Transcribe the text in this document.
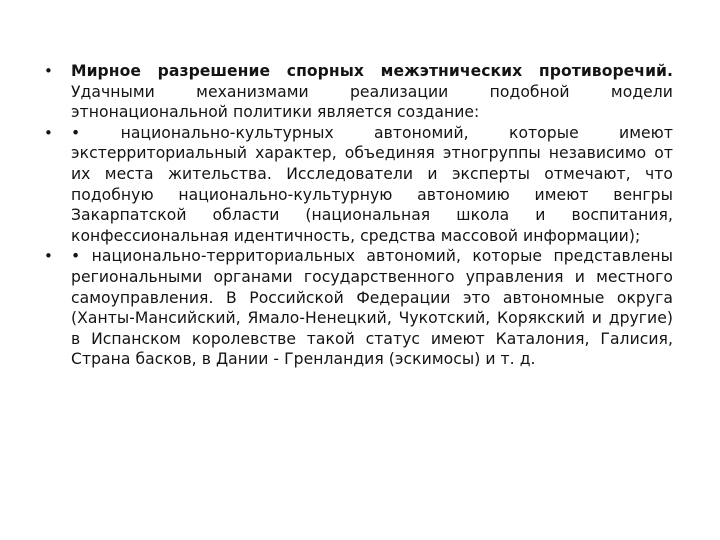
•	Мирное разрешение спорных межэтнических противоречий. Удачными механизмами реализации подобной модели этнонациональной политики является создание:
•	• национально-культурных автономий, которые имеют экстерриториальный характер, объединяя этногруппы независимо от их места жительства. Исследователи и эксперты отмечают, что подобную национально-культурную автономию имеют венгры Закарпатской области (национальная школа и воспитания, конфессиональная идентичность, средства массовой информации);
•	• национально-территориальных автономий, которые представлены региональными органами государственного управления и местного самоуправления. В Российской Федерации это автономные округа (Ханты-Мансийский, Ямало-Ненецкий, Чукотский, Корякский и другие) в Испанском королевстве такой статус имеют Каталония, Галисия, Страна басков, в Дании - Гренландия (эскимосы) и т. д.
